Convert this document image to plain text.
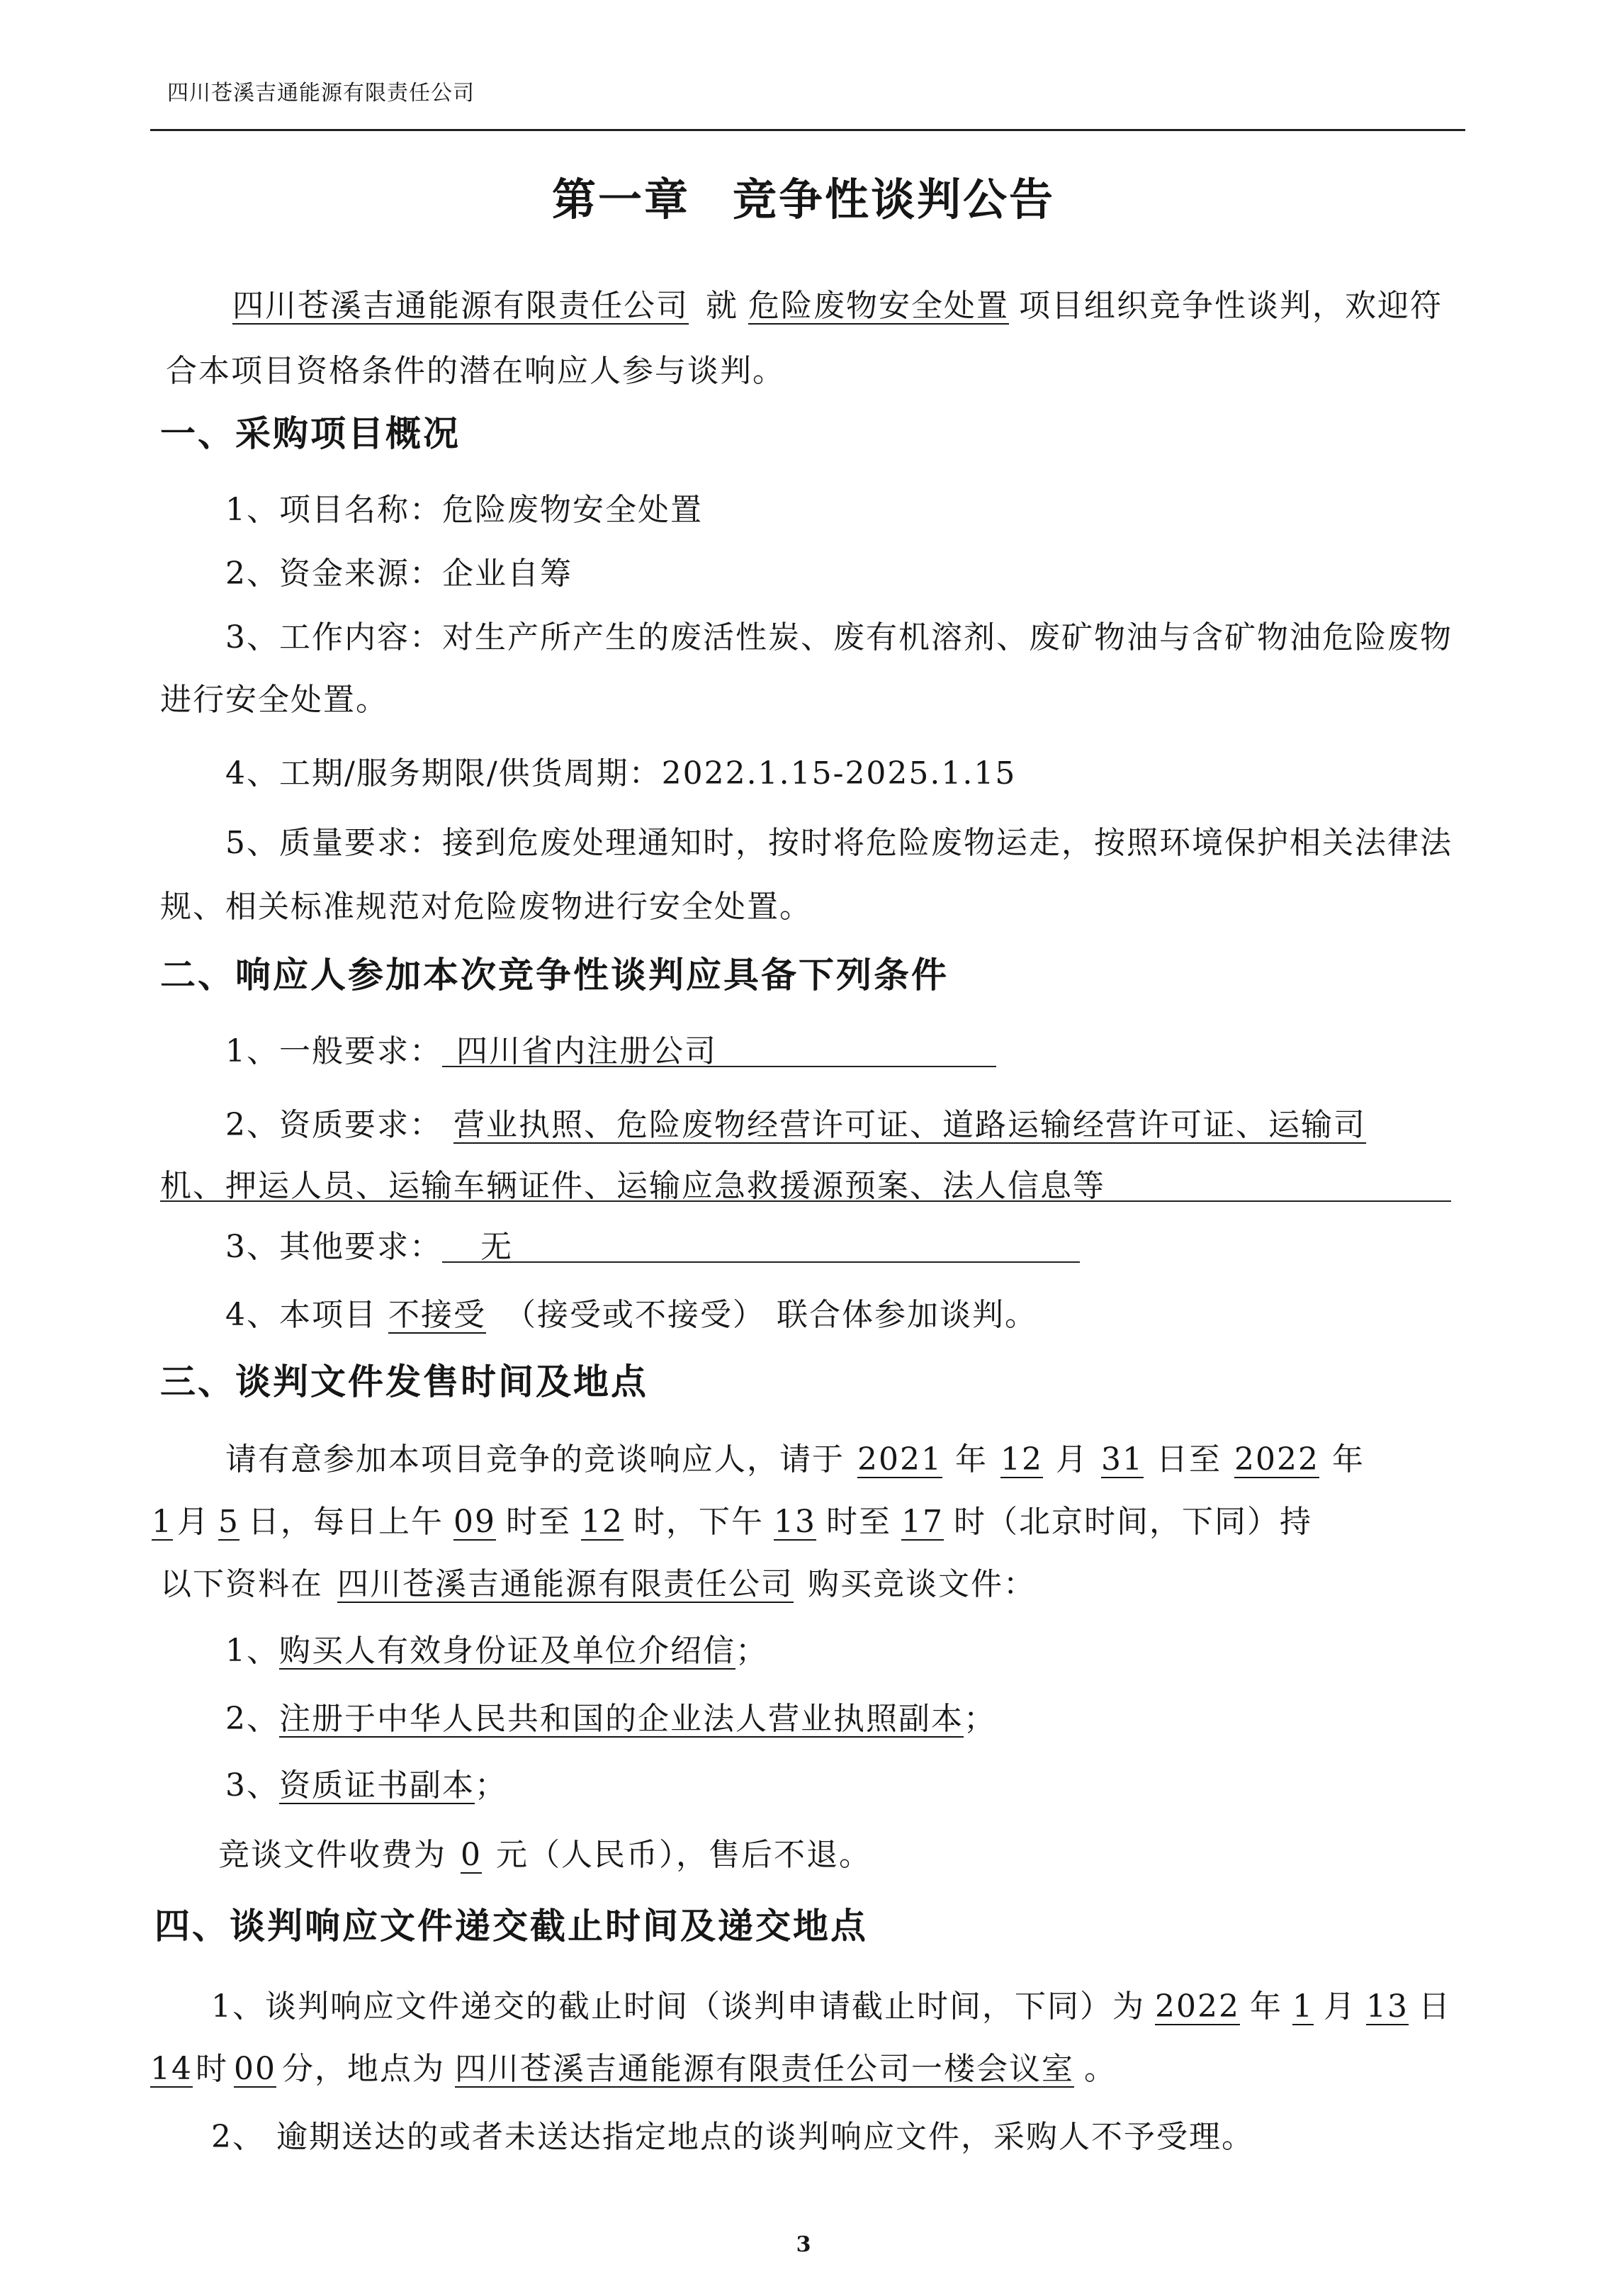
四川苍溪吉通能源有限责任公司
第一章 竞争性谈判公告
四川苍溪吉通能源有限责任公司 就 危险废物安全处置 项目组织竞争性谈判，欢迎符
合本项目资格条件的潜在响应人参与谈判。
一、采购项目概况
1、项目名称：危险废物安全处置
2、资金来源：企业自筹
3、工作内容：对生产所产生的废活性炭、废有机溶剂、废矿物油与含矿物油危险废物
进行安全处置。
4、工期/服务期限/供货周期：2022.1.15-2025.1.15
5、质量要求：接到危废处理通知时，按时将危险废物运走，按照环境保护相关法律法
规、相关标准规范对危险废物进行安全处置。
二、响应人参加本次竞争性谈判应具备下列条件
1、一般要求： 四川省内注册公司
2、资质要求： 营业执照、危险废物经营许可证、道路运输经营许可证、运输司
机、押运人员、运输车辆证件、运输应急救援源预案、法人信息等
3、其他要求： 无
4、本项目 不接受 （接受或不接受） 联合体参加谈判。
三、谈判文件发售时间及地点
请有意参加本项目竞争的竞谈响应人，请于 2021 年 12 月 31 日至 2022 年
1 月 5 日，每日上午 09 时至 12 时，下午 13 时至 17 时（北京时间，下同）持
以下资料在 四川苍溪吉通能源有限责任公司 购买竞谈文件：
1、购买人有效身份证及单位介绍信；
2、注册于中华人民共和国的企业法人营业执照副本；
3、资质证书副本；
竞谈文件收费为 0 元（人民币），售后不退。
四、谈判响应文件递交截止时间及递交地点
1、谈判响应文件递交的截止时间（谈判申请截止时间，下同）为 2022 年 1 月 13 日
14时 00 分，地点为 四川苍溪吉通能源有限责任公司一楼会议室 。
2、 逾期送达的或者未送达指定地点的谈判响应文件，采购人不予受理。
3
